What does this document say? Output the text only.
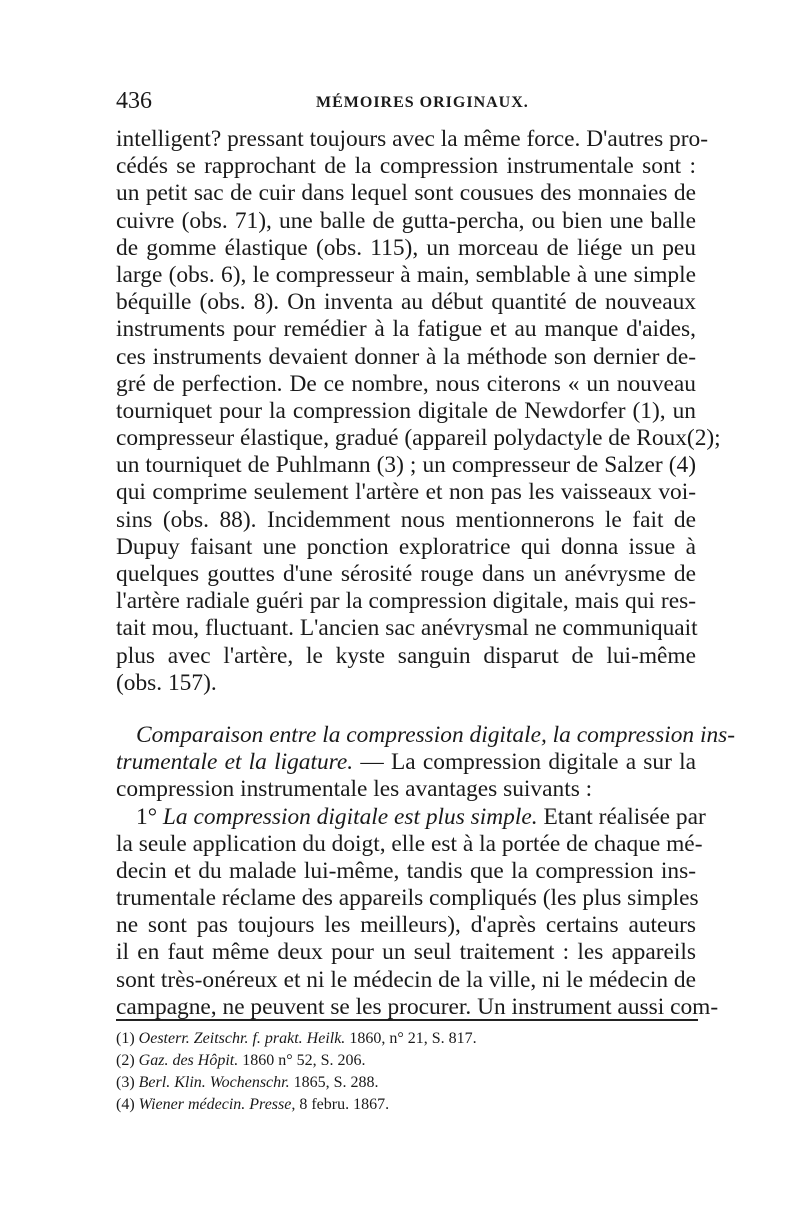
436	MÉMOIRES ORIGINAUX.
intelligent? pressant toujours avec la même force. D'autres pro-
cédés se rapprochant de la compression instrumentale sont :
un petit sac de cuir dans lequel sont cousues des monnaies de
cuivre (obs. 71), une balle de gutta-percha, ou bien une balle
de gomme élastique (obs. 115), un morceau de liége un peu
large (obs. 6), le compresseur à main, semblable à une simple
béquille (obs. 8). On inventa au début quantité de nouveaux
instruments pour remédier à la fatigue et au manque d'aides,
ces instruments devaient donner à la méthode son dernier de-
gré de perfection. De ce nombre, nous citerons « un nouveau
tourniquet pour la compression digitale de Newdorfer (1), un
compresseur élastique, gradué (appareil polydactyle de Roux(2);
un tourniquet de Puhlmann (3) ; un compresseur de Salzer (4)
qui comprime seulement l'artère et non pas les vaisseaux voi-
sins (obs. 88). Incidemment nous mentionnerons le fait de
Dupuy faisant une ponction exploratrice qui donna issue à
quelques gouttes d'une sérosité rouge dans un anévrysme de
l'artère radiale guéri par la compression digitale, mais qui res-
tait mou, fluctuant. L'ancien sac anévrysmal ne communiquait
plus avec l'artère, le kyste sanguin disparut de lui-même
(obs. 157).
Comparaison entre la compression digitale, la compression ins-
trumentale et la ligature. — La compression digitale a sur la
compression instrumentale les avantages suivants :
1° La compression digitale est plus simple. Etant réalisée par
la seule application du doigt, elle est à la portée de chaque mé-
decin et du malade lui-même, tandis que la compression ins-
trumentale réclame des appareils compliqués (les plus simples
ne sont pas toujours les meilleurs), d'après certains auteurs
il en faut même deux pour un seul traitement : les appareils
sont très-onéreux et ni le médecin de la ville, ni le médecin de
campagne, ne peuvent se les procurer. Un instrument aussi com-
(1) Oesterr. Zeitschr. f. prakt. Heilk. 1860, n° 21, S. 817.
(2) Gaz. des Hôpit. 1860 n° 52, S. 206.
(3) Berl. Klin. Wochenschr. 1865, S. 288.
(4) Wiener médecin. Presse, 8 febru. 1867.
